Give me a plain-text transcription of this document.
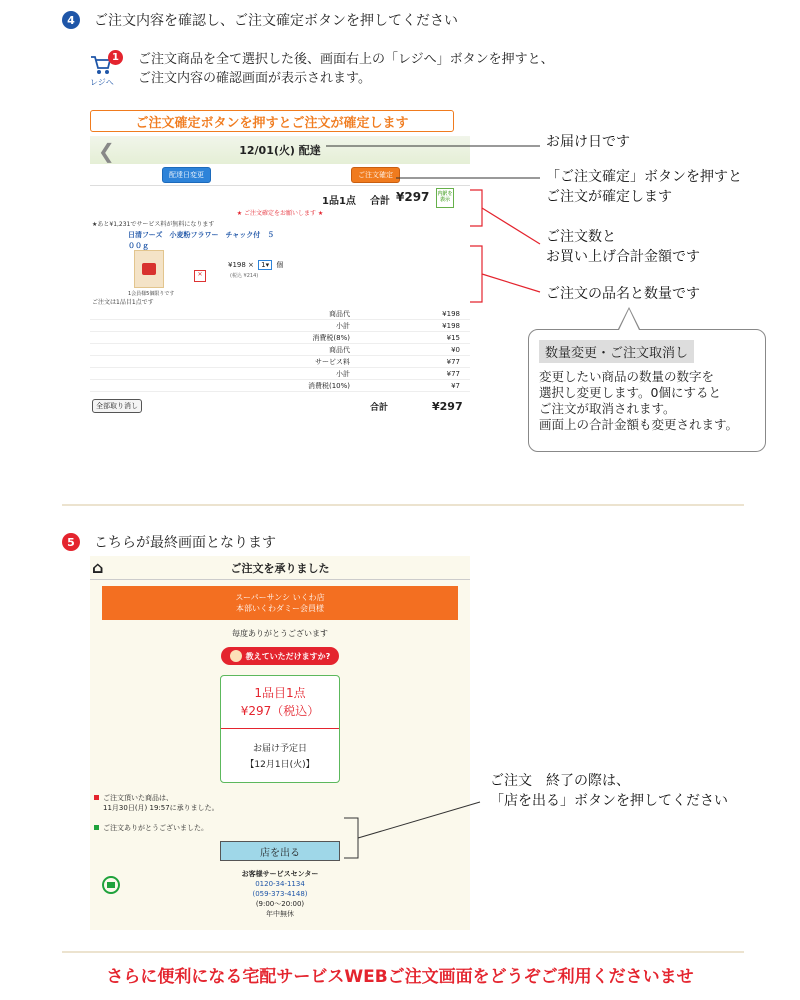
4	ご注文内容を確認し、ご注文確定ボタンを押してください
1
レジへ
ご注文商品を全て選択した後、画面右上の「レジへ」ボタンを押すと、
ご注文内容の確認画面が表示されます。
ご注文確定ボタンを押すとご注文が確定します
❮	12/01(火) 配達
配達日変更	ご注文確定
1品1点 合計 ¥297 内訳を表示
★ ご注文確定をお願いします ★
★あと¥1,231でサービス料が無料になります
日清フーズ　小麦粉フラワー　チャック付　５００ｇ
✕
¥198 × 1▾ 個
(税込 ¥214)
1会員様5個限りです
ご注文は1品目1点です
商品代	¥198
小計	¥198
消費税(8%)	¥15
商品代	¥0
サービス料	¥77
小計	¥77
消費税(10%)	¥7
全部取り消し	合計	¥297
お届け日です
「ご注文確定」ボタンを押すと
ご注文が確定します
ご注文数と
お買い上げ合計金額です
ご注文の品名と数量です
数量変更・ご注文取消し
変更したい商品の数量の数字を
選択し変更します。0個にすると
ご注文が取消されます。
画面上の合計金額も変更されます。
5	こちらが最終画面となります
⌂	ご注文を承りました
スーパーサンシ いくわ店
本部いくわダミー会員様
毎度ありがとうございます
教えていただけますか?
1品目1点
¥297（税込）
お届け予定日
【12月1日(火)】
ご注文頂いた商品は、
11月30日(月) 19:57に承りました。
ご注文ありがとうございました。
店を出る
お客様サービスセンター
0120-34-1134
(059-373-4148)
(9:00〜20:00)
年中無休
ご注文　終了の際は、
「店を出る」ボタンを押してください
さらに便利になる宅配サービスWEBご注文画面をどうぞご利用くださいませ
